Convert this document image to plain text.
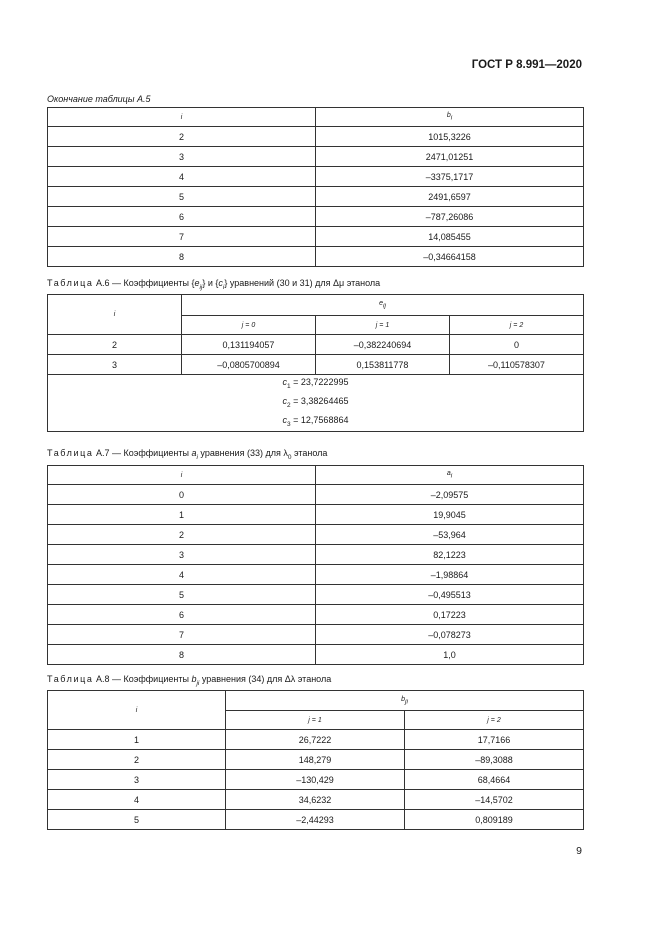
ГОСТ Р 8.991—2020
Окончание таблицы А.5
i	$b_i$
2	1015,3226
3	2471,01251
4	–3375,1717
5	2491,6597
6	–787,26086
7	14,085455
8	–0,34664158
Таблица А.6 — Коэффициенты $\{e_{ij}\}$ и $\{c_i\}$ уравнений (30 и 31) для Δμ этанола
i	$e_{ij}$
	j = 0	j = 1	j = 2
2	0,131194057	–0,382240694	0
3	–0,0805700894	0,153811778	–0,110578307

$c_1 = 23,7222995$
$c_2 = 3,38264465$
$c_3 = 12,7568864$			
Таблица А.7 — Коэффициенты $a_i$ уравнения (33) для $\lambda_0$ этанола
i	$a_i$
0	–2,09575
1	19,9045
2	–53,964
3	82,1223
4	–1,98864
5	–0,495513
6	0,17223
7	–0,078273
8	1,0
Таблица А.8 — Коэффициенты $b_{ji}$ уравнения (34) для Δλ этанола
i	$b_{ji}$
	j = 1	j = 2
1	26,7222	17,7166
2	148,279	–89,3088
3	–130,429	68,4664
4	34,6232	–14,5702
5	–2,44293	0,809189
9
